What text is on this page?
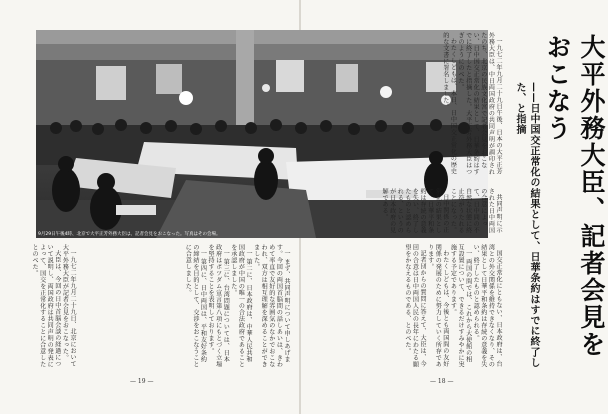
9月29日午後4時、北京で大平正芳外務大臣は、記者会見をおこなった。写真はその会場。

一九七二年九月二十九日午後、日本の大平正芳外務大臣は、中日両国政府の共同声明が調印されたのち、北京の民族文化宮で記者会見をおこない、日中国交正常化の結果として、日華条約はすでに終了したと指摘した。大平正芳外務大臣はつぎのようにのべた。

わたくしどもは、本日、日中国交正常化の歴史的な文書に署名しました。

共同声明に示された日中両国の合意によって、日中間の不自然な状態に終止符がうたれることになった。

日中関係の正常化の結果として、日華平和条約は存続の意義を失い、終了したものと認められる、というのが日本政府の見解である。	大平外務大臣、記者会見をおこなう
——日中国交正常化の結果として、日華条約はすでに終了した、と指摘

一九七二年九月二十九日、北京において大平外務大臣が記者会見をおこなった。

大臣は、今回の日中首脳会談の経過について説明し、両国政府は共同声明の発表によって、国交を正常化することに合意したとのべた。	一 まず、共同声明について申しあげます。今回の両国首脳間の話しあいは、きわめて率直で友好的な雰囲気のなかでおこなわれ、双方は相互理解を深めることができました。

一 第二に、日本政府は、中華人民共和国政府が中国の唯一の合法政府であることを承認しました。

一 第三に、台湾問題については、日本政府はポツダム宣言第八項にもとづく立場を堅持することを表明しております。

一 第四に、日中両国は、平和友好条約の締結を目的として、交渉をおこなうことに合意しました。	国交正常化にともない、日本政府は、台湾との外交関係を維持できなくなり、その結果として日華平和条約は存続の意義を失い、終了したものと認められる。

一 両国の間では、これから大使館の相互設置について、できるだけすみやかに実施する予定であります。

わたくしどもは、今後とも両国間の友好関係の発展のために努力していく所存であります。

記者団からの質問に答えて、大臣は、今回の合意は日中両国人民の長年にわたる願望をかなえるものである、とのべた。

— 19 —	— 18 —
